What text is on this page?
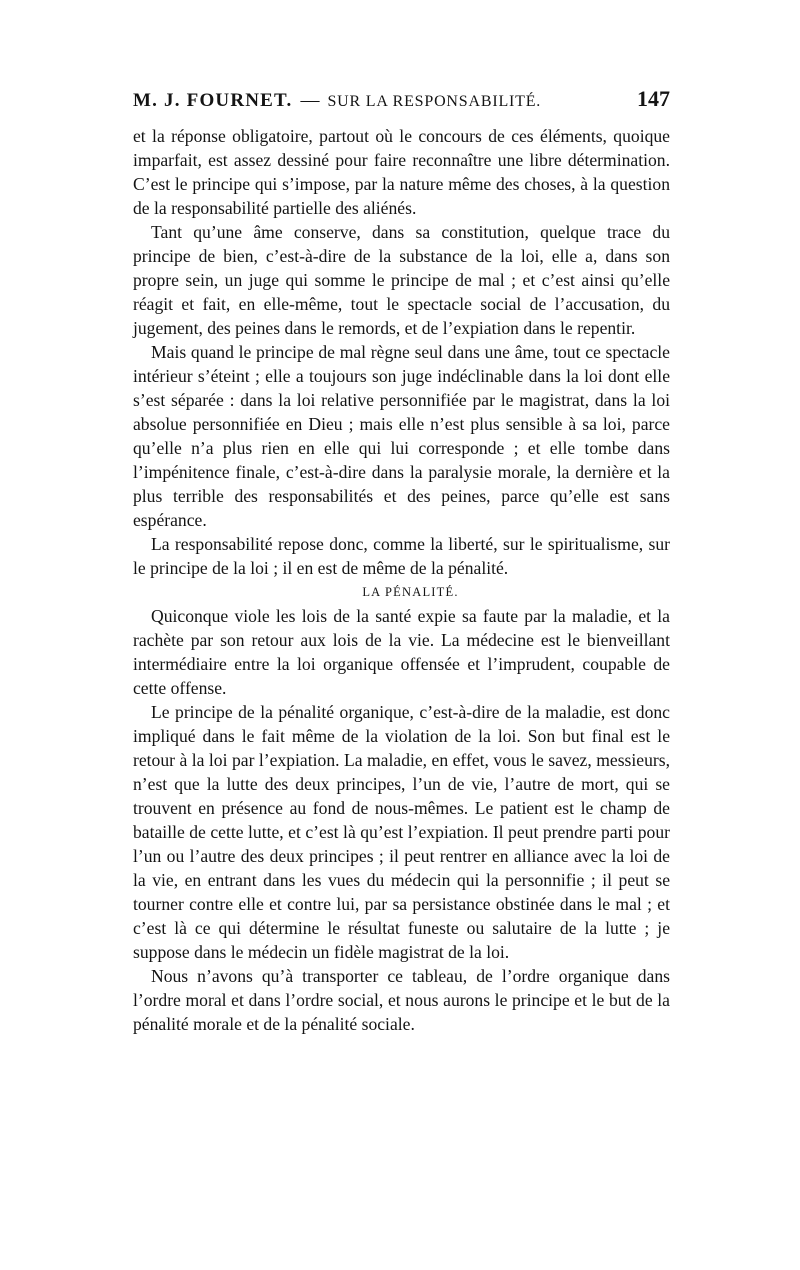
M. J. FOURNET. — SUR LA RESPONSABILITÉ.	147

et la réponse obligatoire, partout où le concours de ces éléments, quoique imparfait, est assez dessiné pour faire reconnaître une libre détermination. C’est le principe qui s’impose, par la nature même des choses, à la question de la responsabilité partielle des aliénés.

Tant qu’une âme conserve, dans sa constitution, quelque trace du principe de bien, c’est-à-dire de la substance de la loi, elle a, dans son propre sein, un juge qui somme le principe de mal ; et c’est ainsi qu’elle réagit et fait, en elle-même, tout le spectacle social de l’accusation, du jugement, des peines dans le remords, et de l’expiation dans le repentir.

Mais quand le principe de mal règne seul dans une âme, tout ce spectacle intérieur s’éteint ; elle a toujours son juge indéclinable dans la loi dont elle s’est séparée : dans la loi relative personnifiée par le magistrat, dans la loi absolue personnifiée en Dieu ; mais elle n’est plus sensible à sa loi, parce qu’elle n’a plus rien en elle qui lui corresponde ; et elle tombe dans l’impénitence finale, c’est-à-dire dans la paralysie morale, la dernière et la plus terrible des responsabilités et des peines, parce qu’elle est sans espérance.

La responsabilité repose donc, comme la liberté, sur le spiritualisme, sur le principe de la loi ; il en est de même de la pénalité.

LA PÉNALITÉ.

Quiconque viole les lois de la santé expie sa faute par la maladie, et la rachète par son retour aux lois de la vie. La médecine est le bienveillant intermédiaire entre la loi organique offensée et l’imprudent, coupable de cette offense.

Le principe de la pénalité organique, c’est-à-dire de la maladie, est donc impliqué dans le fait même de la violation de la loi. Son but final est le retour à la loi par l’expiation. La maladie, en effet, vous le savez, messieurs, n’est que la lutte des deux principes, l’un de vie, l’autre de mort, qui se trouvent en présence au fond de nous-mêmes. Le patient est le champ de bataille de cette lutte, et c’est là qu’est l’expiation. Il peut prendre parti pour l’un ou l’autre des deux principes ; il peut rentrer en alliance avec la loi de la vie, en entrant dans les vues du médecin qui la personnifie ; il peut se tourner contre elle et contre lui, par sa persistance obstinée dans le mal ; et c’est là ce qui détermine le résultat funeste ou salutaire de la lutte ; je suppose dans le médecin un fidèle magistrat de la loi.

Nous n’avons qu’à transporter ce tableau, de l’ordre organique dans l’ordre moral et dans l’ordre social, et nous aurons le principe et le but de la pénalité morale et de la pénalité sociale.
